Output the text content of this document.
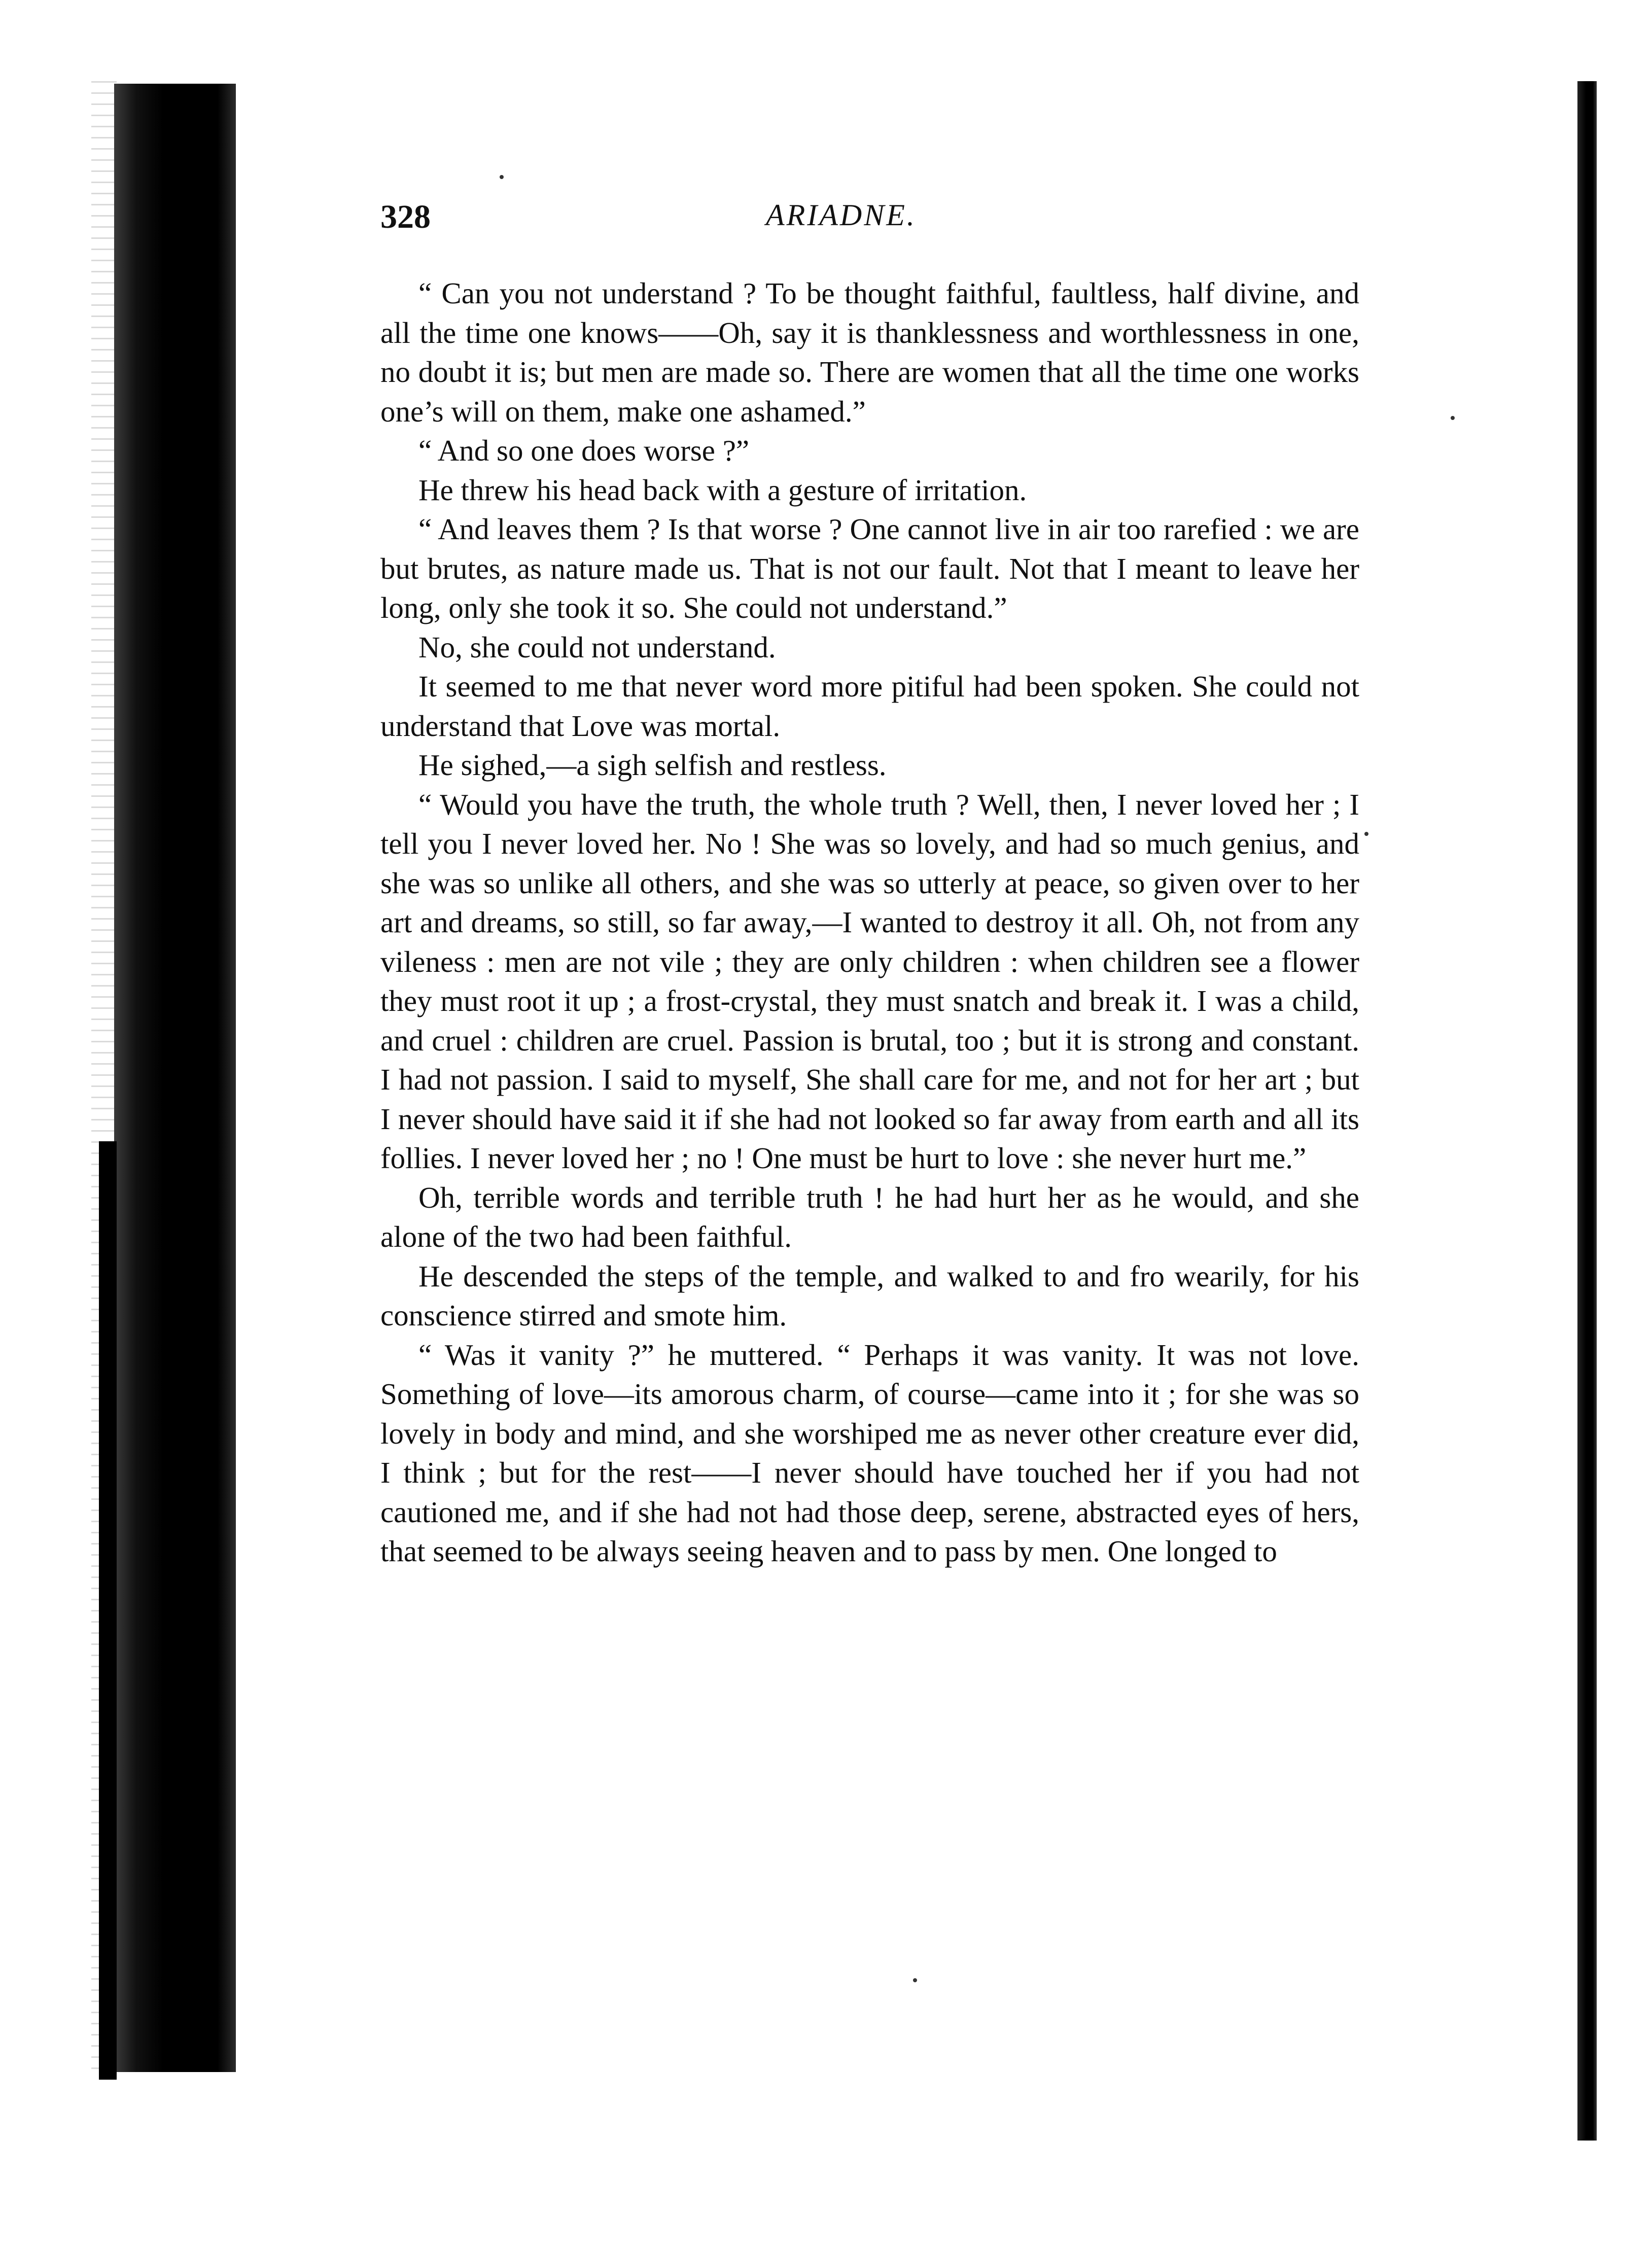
328	ARIADNE.

“ Can you not understand ? To be thought faithful, faultless, half divine, and all the time one knows——Oh, say it is thanklessness and worthlessness in one, no doubt it is; but men are made so. There are women that all the time one works one’s will on them, make one ashamed.”

“ And so one does worse ?”

He threw his head back with a gesture of irritation.

“ And leaves them ? Is that worse ? One cannot live in air too rarefied : we are but brutes, as nature made us. That is not our fault. Not that I meant to leave her long, only she took it so. She could not understand.”

No, she could not understand.

It seemed to me that never word more pitiful had been spoken. She could not understand that Love was mortal.

He sighed,—a sigh selfish and restless.

“ Would you have the truth, the whole truth ? Well, then, I never loved her ; I tell you I never loved her. No ! She was so lovely, and had so much genius, and she was so unlike all others, and she was so utterly at peace, so given over to her art and dreams, so still, so far away,—I wanted to destroy it all. Oh, not from any vileness : men are not vile ; they are only children : when children see a flower they must root it up ; a frost-crystal, they must snatch and break it. I was a child, and cruel : children are cruel. Passion is brutal, too ; but it is strong and constant. I had not passion. I said to myself, She shall care for me, and not for her art ; but I never should have said it if she had not looked so far away from earth and all its follies. I never loved her ; no ! One must be hurt to love : she never hurt me.”

Oh, terrible words and terrible truth ! he had hurt her as he would, and she alone of the two had been faithful.

He descended the steps of the temple, and walked to and fro wearily, for his conscience stirred and smote him.

“ Was it vanity ?” he muttered. “ Perhaps it was vanity. It was not love. Something of love—its amorous charm, of course—came into it ; for she was so lovely in body and mind, and she worshiped me as never other creature ever did, I think ; but for the rest——I never should have touched her if you had not cautioned me, and if she had not had those deep, serene, abstracted eyes of hers, that seemed to be always seeing heaven and to pass by men. One longed to
